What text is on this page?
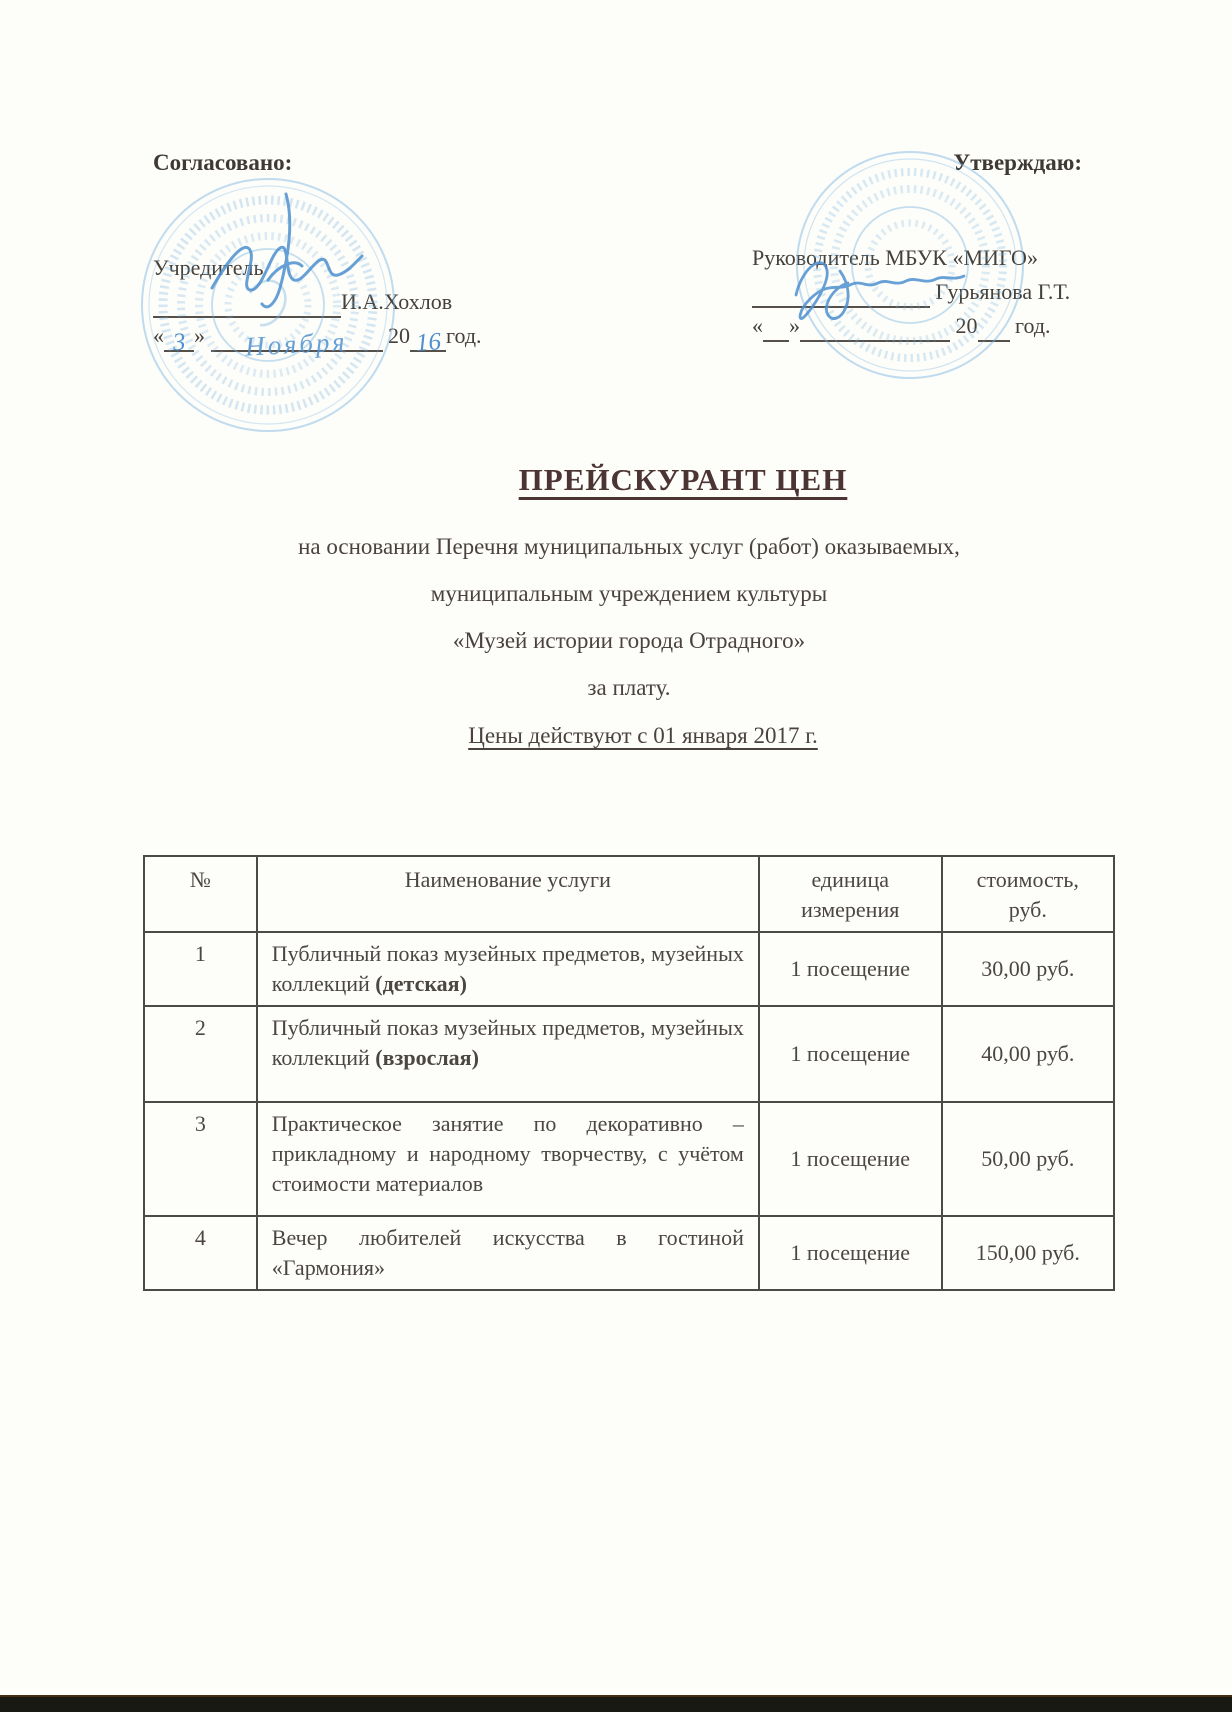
Согласовано:
Учредитель
И.А.Хохлов
« 3 » Ноября 20 16 год.
Утверждаю:
Руководитель МБУК «МИГО»
Гурьянова Г.Т.
« »	20 год.
ПРЕЙСКУРАНТ ЦЕН
на основании Перечня муниципальных услуг (работ) оказываемых,
муниципальным учреждением культуры
«Музей истории города Отрадного»
за плату.
Цены действуют с 01 января 2017 г.
№	Наименование услуги	единица измерения	стоимость, руб.
1	Публичный показ музейных предметов, музейных коллекций (детская)	1 посещение	30,00 руб.
2	Публичный показ музейных предметов, музейных коллекций (взрослая)	1 посещение	40,00 руб.
3	Практическое занятие по декоративно – прикладному и народному творчеству, с учётом стоимости материалов	1 посещение	50,00 руб.
4	Вечер любителей искусства в гостиной «Гармония»	1 посещение	150,00 руб.
